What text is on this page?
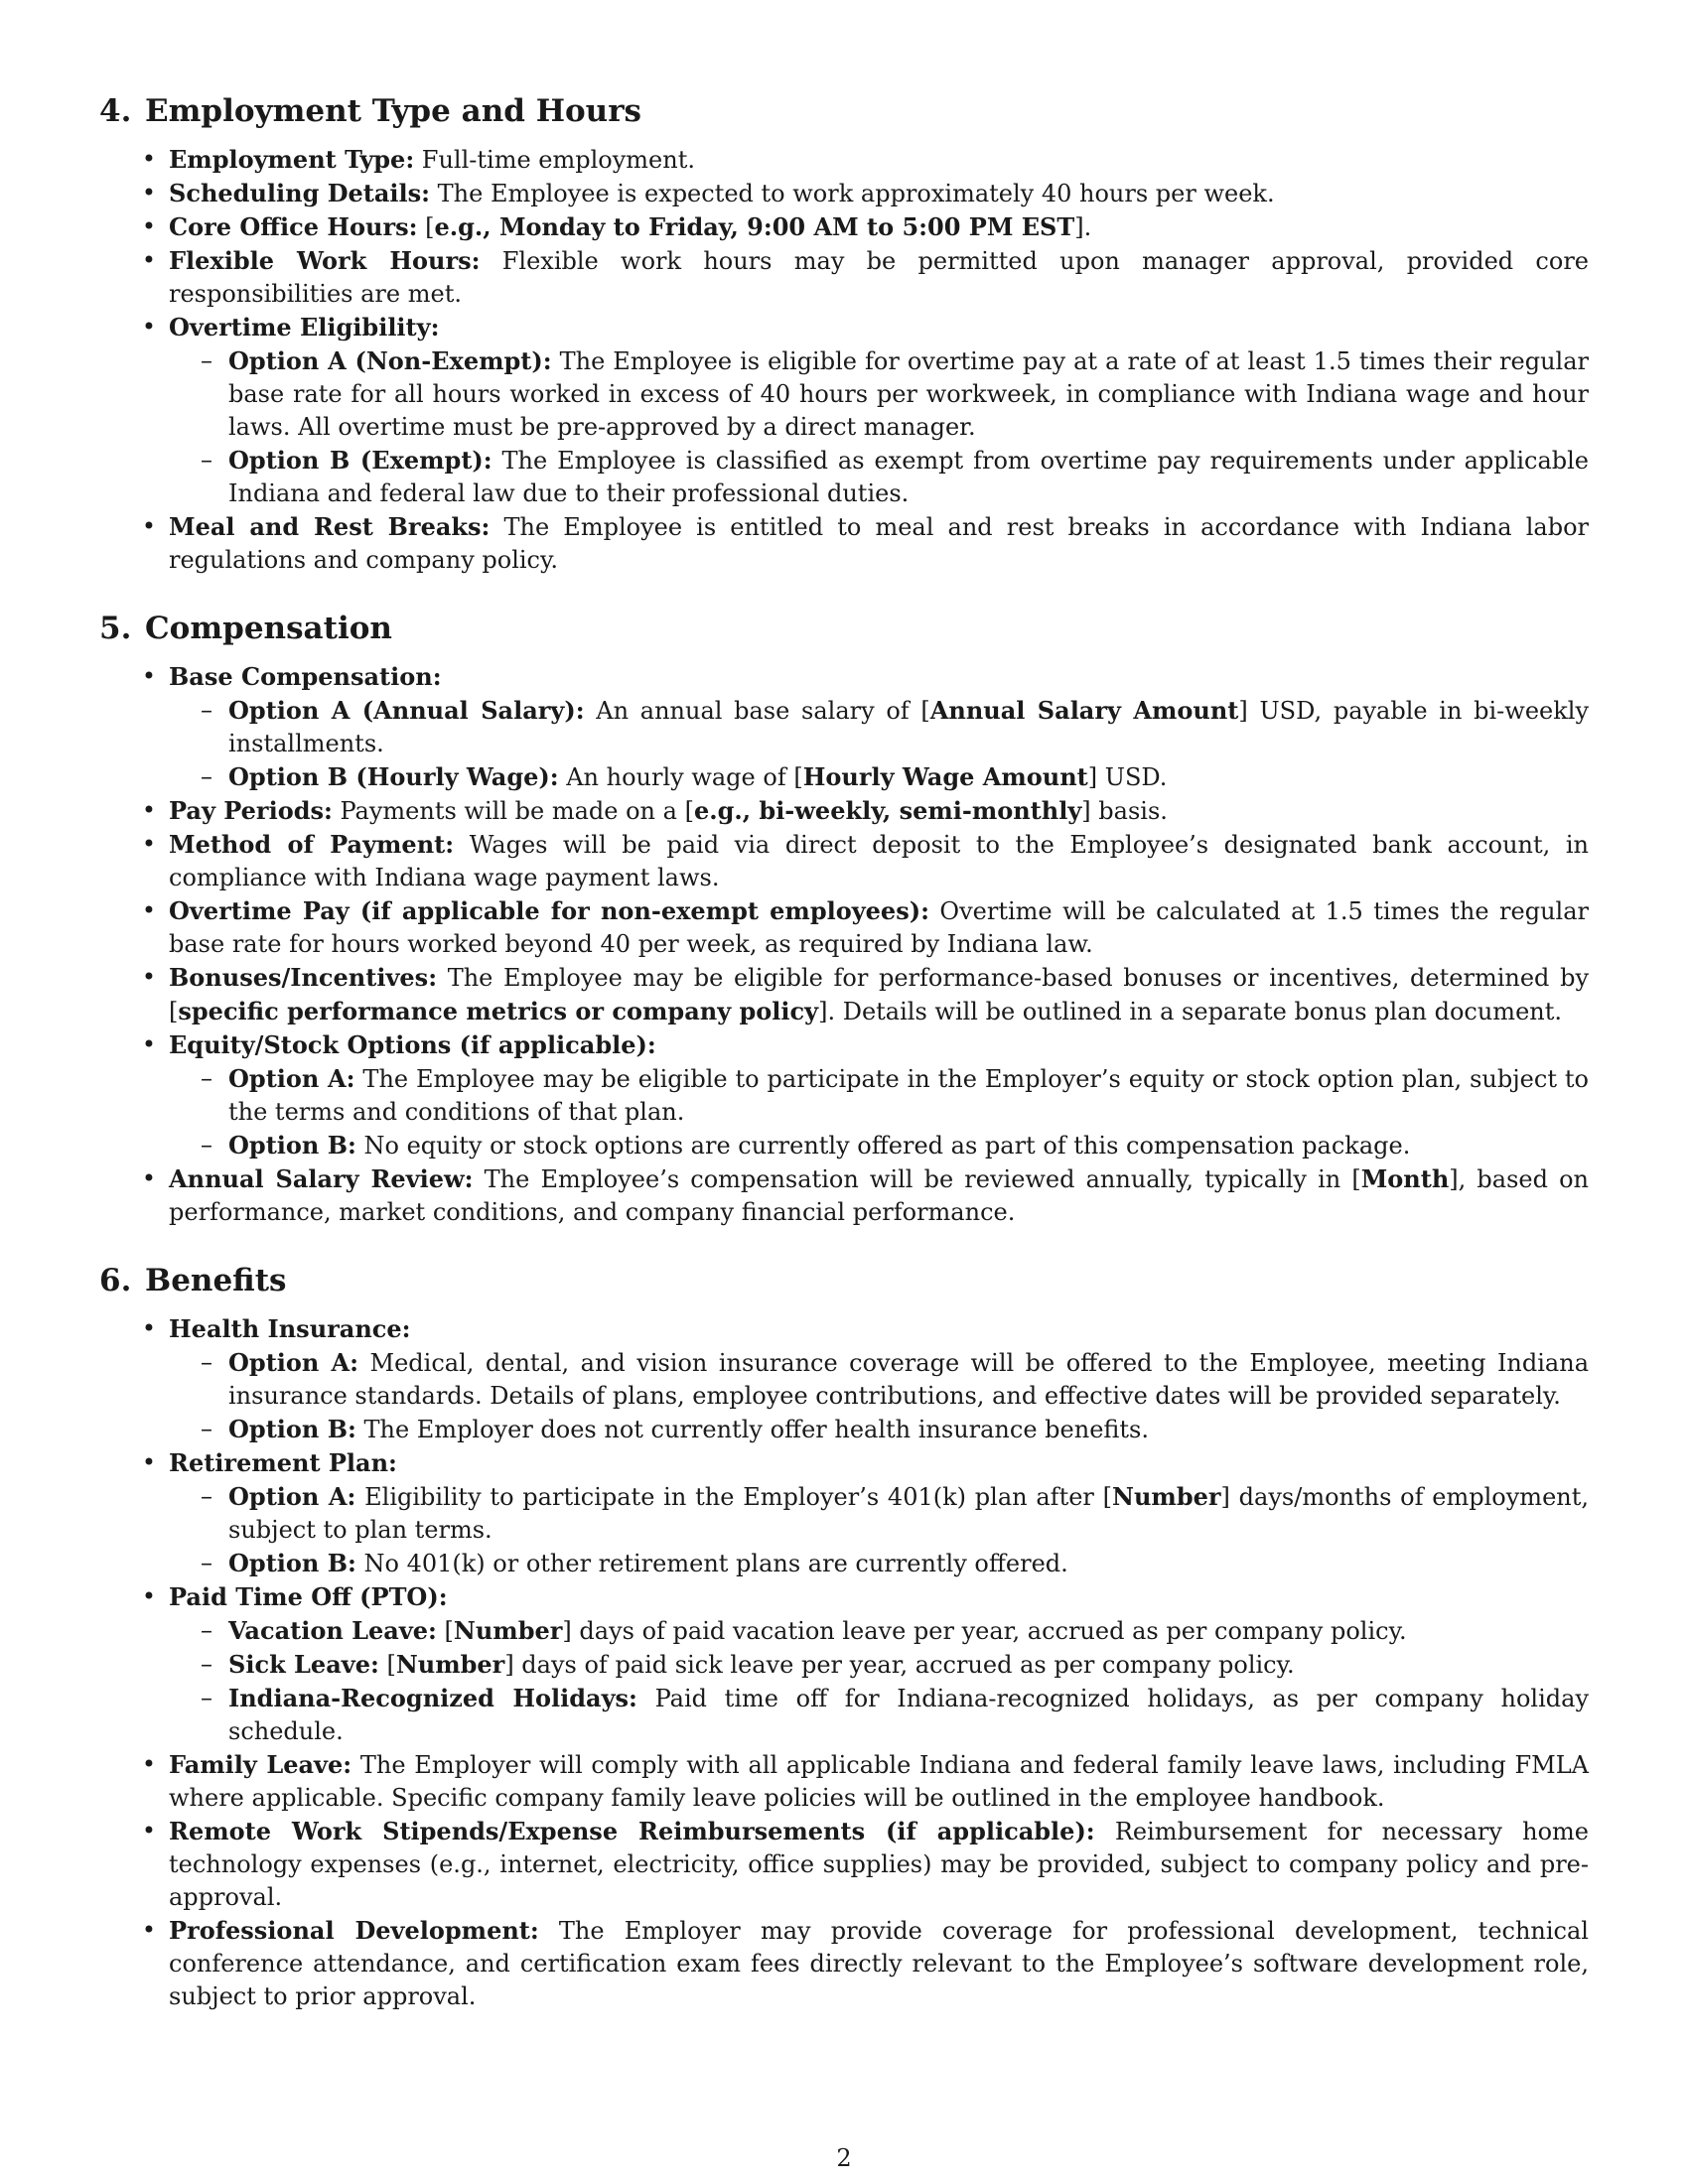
4. Employment Type and Hours
• Employment Type: Full-time employment.
• Scheduling Details: The Employee is expected to work approximately 40 hours per week.
• Core Office Hours: [e.g., Monday to Friday, 9:00 AM to 5:00 PM EST].
• Flexible Work Hours: Flexible work hours may be permitted upon manager approval, provided core responsibilities are met.
• Overtime Eligibility:
– Option A (Non-Exempt): The Employee is eligible for overtime pay at a rate of at least 1.5 times their regular base rate for all hours worked in excess of 40 hours per workweek, in compliance with Indiana wage and hour laws. All overtime must be pre-approved by a direct manager.
– Option B (Exempt): The Employee is classified as exempt from overtime pay requirements under applicable Indiana and federal law due to their professional duties.
• Meal and Rest Breaks: The Employee is entitled to meal and rest breaks in accordance with Indiana labor regulations and company policy.
5. Compensation
• Base Compensation:
– Option A (Annual Salary): An annual base salary of [Annual Salary Amount] USD, payable in bi-weekly installments.
– Option B (Hourly Wage): An hourly wage of [Hourly Wage Amount] USD.
• Pay Periods: Payments will be made on a [e.g., bi-weekly, semi-monthly] basis.
• Method of Payment: Wages will be paid via direct deposit to the Employee’s designated bank account, in compliance with Indiana wage payment laws.
• Overtime Pay (if applicable for non-exempt employees): Overtime will be calculated at 1.5 times the regular base rate for hours worked beyond 40 per week, as required by Indiana law.
• Bonuses/Incentives: The Employee may be eligible for performance-based bonuses or incentives, determined by [specific performance metrics or company policy]. Details will be outlined in a separate bonus plan document.
• Equity/Stock Options (if applicable):
– Option A: The Employee may be eligible to participate in the Employer’s equity or stock option plan, subject to the terms and conditions of that plan.
– Option B: No equity or stock options are currently offered as part of this compensation package.
• Annual Salary Review: The Employee’s compensation will be reviewed annually, typically in [Month], based on performance, market conditions, and company financial performance.
6. Benefits
• Health Insurance:
– Option A: Medical, dental, and vision insurance coverage will be offered to the Employee, meeting Indiana insurance standards. Details of plans, employee contributions, and effective dates will be provided separately.
– Option B: The Employer does not currently offer health insurance benefits.
• Retirement Plan:
– Option A: Eligibility to participate in the Employer’s 401(k) plan after [Number] days/months of employment, subject to plan terms.
– Option B: No 401(k) or other retirement plans are currently offered.
• Paid Time Off (PTO):
– Vacation Leave: [Number] days of paid vacation leave per year, accrued as per company policy.
– Sick Leave: [Number] days of paid sick leave per year, accrued as per company policy.
– Indiana-Recognized Holidays: Paid time off for Indiana-recognized holidays, as per company holiday schedule.
• Family Leave: The Employer will comply with all applicable Indiana and federal family leave laws, including FMLA where applicable. Specific company family leave policies will be outlined in the employee handbook.
• Remote Work Stipends/Expense Reimbursements (if applicable): Reimbursement for necessary home technology expenses (e.g., internet, electricity, office supplies) may be provided, subject to company policy and pre-approval.
• Professional Development: The Employer may provide coverage for professional development, technical conference attendance, and certification exam fees directly relevant to the Employee’s software development role, subject to prior approval.
2
